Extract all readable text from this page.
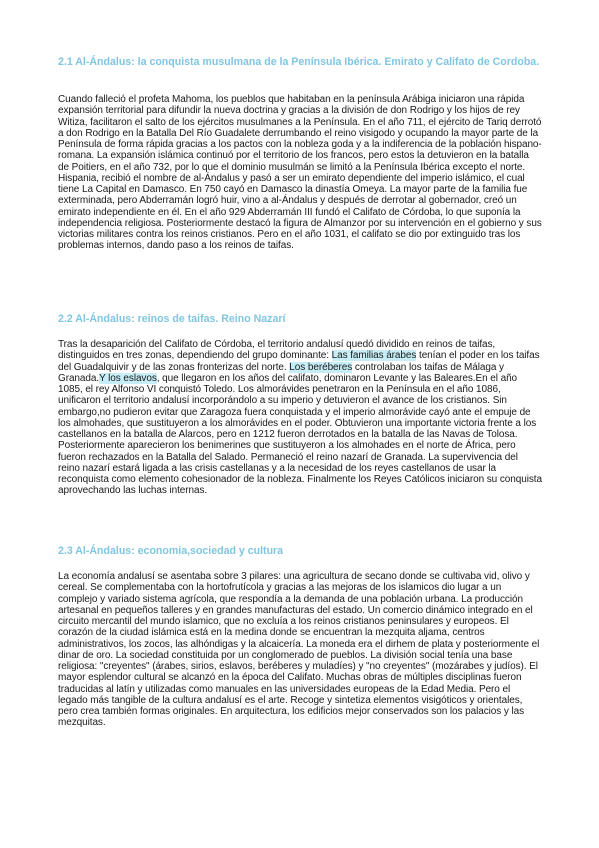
2.1 Al-Ándalus: la conquista musulmana de la Península Ibérica. Emirato y Califato de Cordoba.

Cuando falleció el profeta Mahoma, los pueblos que habitaban en la península Arábiga iniciaron una rápida expansión territorial para difundir la nueva doctrina y gracias a la división de don Rodrigo y los hijos de rey Witiza, facilitaron el salto de los ejércitos musulmanes a la Península. En el año 711, el ejército de Tariq derrotó a don Rodrigo en la Batalla Del Río Guadalete derrumbando el reino visigodo y ocupando la mayor parte de la Península de forma rápida gracias a los pactos con la nobleza goda y a la indiferencia de la población hispano-romana. La expansión islámica continuó por el territorio de los francos, pero estos la detuvieron en la batalla de Poitiers, en el año 732, por lo que el dominio musulmán se limitó a la Península Ibérica excepto el norte. Hispania, recibió el nombre de al-Ándalus y pasó a ser un emirato dependiente del imperio islámico, el cual tiene La Capital en Damasco. En 750 cayó en Damasco la dinastía Omeya. La mayor parte de la familia fue exterminada, pero Abderramán logró huir, vino a al-Ándalus y después de derrotar al gobernador, creó un emirato independiente en él. En el año 929 Abderramán III fundó el Califato de Córdoba, lo que suponía la independencia religiosa. Posteriormente destacó la figura de Almanzor por su intervención en el gobierno y sus victorias militares contra los reinos cristianos. Pero en el año 1031, el califato se dio por extinguido tras los problemas internos, dando paso a los reinos de taifas.

2.2 Al-Ándalus: reinos de taifas. Reino Nazarí

Tras la desaparición del Califato de Córdoba, el territorio andalusí quedó dividido en reinos de taifas, distinguidos en tres zonas, dependiendo del grupo dominante: Las familias árabes tenían el poder en los taifas del Guadalquivir y de las zonas fronterizas del norte. Los beréberes controlaban los taifas de Málaga y Granada.Y los eslavos, que llegaron en los años del califato, dominaron Levante y las Baleares.En el año 1085, el rey Alfonso VI conquistó Toledo. Los almorávides penetraron en la Península en el año 1086, unificaron el territorio andalusí incorporándolo a su imperio y detuvieron el avance de los cristianos. Sin embargo,no pudieron evitar que Zaragoza fuera conquistada y el imperio almorávide cayó ante el empuje de los almohades, que sustituyeron a los almorávides en el poder. Obtuvieron una importante victoria frente a los castellanos en la batalla de Alarcos, pero en 1212 fueron derrotados en la batalla de las Navas de Tolosa. Posteriormente aparecieron los benimerines que sustituyeron a los almohades en el norte de África, pero fueron rechazados en la Batalla del Salado. Permaneció el reino nazarí de Granada. La supervivencia del reino nazarí estará ligada a las crisis castellanas y a la necesidad de los reyes castellanos de usar la reconquista como elemento cohesionador de la nobleza. Finalmente los Reyes Católicos iniciaron su conquista aprovechando las luchas internas.

2.3 Al-Ándalus: economía,sociedad y cultura

La economía andalusí se asentaba sobre 3 pilares: una agricultura de secano donde se cultivaba vid, olivo y cereal. Se complementaba con la hortofrutícola y gracias a las mejoras de los islamicos dio lugar a un complejo y variado sistema agrícola, que respondía a la demanda de una población urbana. La producción artesanal en pequeños talleres y en grandes manufacturas del estado. Un comercio dinámico integrado en el circuito mercantil del mundo islamico, que no excluía a los reinos cristianos peninsulares y europeos. El corazón de la ciudad islámica está en la medina donde se encuentran la mezquita aljama, centros administrativos, los zocos, las alhóndigas y la alcaicería. La moneda era el dirhem de plata y posteriormente el dinar de oro. La sociedad constituida por un conglomerado de pueblos. La división social tenía una base religiosa: "creyentes" (árabes, sirios, eslavos, beréberes y muladíes) y "no creyentes" (mozárabes y judíos). El mayor esplendor cultural se alcanzó en la época del Califato. Muchas obras de múltiples disciplinas fueron traducidas al latín y utilizadas como manuales en las universidades europeas de la Edad Media. Pero el legado más tangible de la cultura andalusí es el arte. Recoge y sintetiza elementos visigóticos y orientales, pero crea también formas originales. En arquitectura, los edificios mejor conservados son los palacios y las mezquitas.
